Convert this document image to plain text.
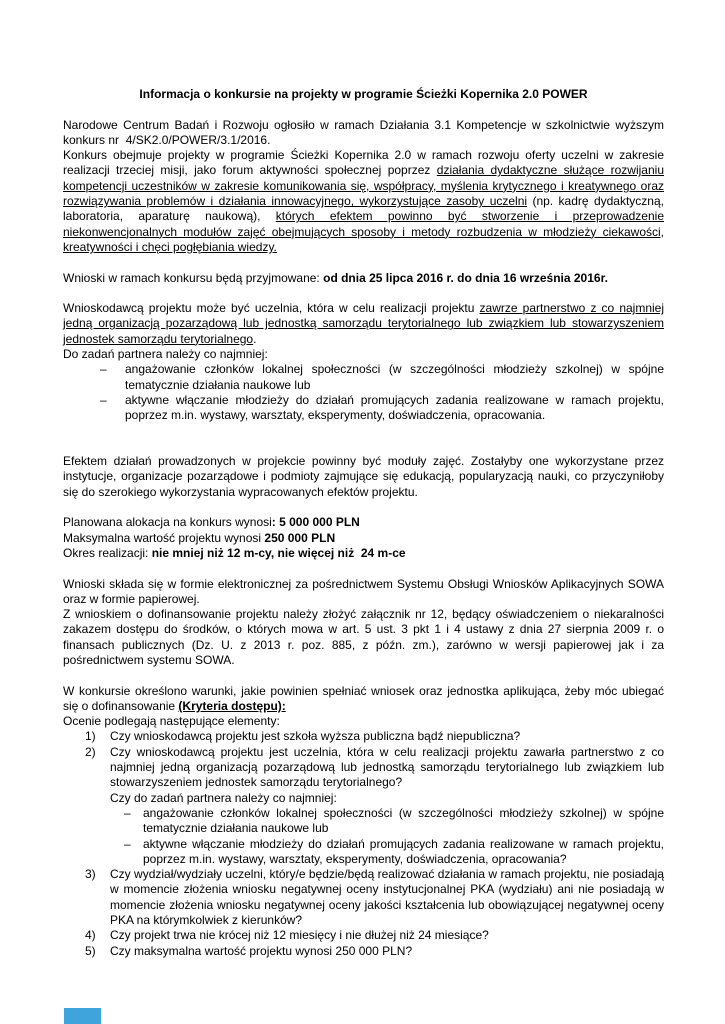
Informacja o konkursie na projekty w programie Ścieżki Kopernika 2.0 POWER
Narodowe Centrum Badań i Rozwoju ogłosiło w ramach Działania 3.1 Kompetencje w szkolnictwie wyższym konkurs nr  4/SK2.0/POWER/3.1/2016.
Konkurs obejmuje projekty w programie Ścieżki Kopernika 2.0 w ramach rozwoju oferty uczelni w zakresie realizacji trzeciej misji, jako forum aktywności społecznej poprzez działania dydaktyczne służące rozwijaniu kompetencji uczestników w zakresie komunikowania się, współpracy, myślenia krytycznego i kreatywnego oraz rozwiązywania problemów i działania innowacyjnego, wykorzystujące zasoby uczelni (np. kadrę dydaktyczną, laboratoria, aparaturę naukową), których efektem powinno być stworzenie i przeprowadzenie niekonwencjonalnych modułów zajęć obejmujących sposoby i metody rozbudzenia w młodzieży ciekawości, kreatywności i chęci pogłębiania wiedzy.
Wnioski w ramach konkursu będą przyjmowane: od dnia 25 lipca 2016 r. do dnia 16 września 2016r.
Wnioskodawcą projektu może być uczelnia, która w celu realizacji projektu zawrze partnerstwo z co najmniej jedną organizacją pozarządową lub jednostką samorządu terytorialnego lub związkiem lub stowarzyszeniem jednostek samorządu terytorialnego.
Do zadań partnera należy co najmniej:
– angażowanie członków lokalnej społeczności (w szczególności młodzieży szkolnej) w spójne tematycznie działania naukowe lub
– aktywne włączanie młodzieży do działań promujących zadania realizowane w ramach projektu, poprzez m.in. wystawy, warsztaty, eksperymenty, doświadczenia, opracowania.
Efektem działań prowadzonych w projekcie powinny być moduły zajęć. Zostałyby one wykorzystane przez instytucje, organizacje pozarządowe i podmioty zajmujące się edukacją, popularyzacją nauki, co przyczyniłoby się do szerokiego wykorzystania wypracowanych efektów projektu.
Planowana alokacja na konkurs wynosi: 5 000 000 PLN
Maksymalna wartość projektu wynosi 250 000 PLN
Okres realizacji: nie mniej niż 12 m-cy, nie więcej niż  24 m-ce
Wnioski składa się w formie elektronicznej za pośrednictwem Systemu Obsługi Wniosków Aplikacyjnych SOWA oraz w formie papierowej.
Z wnioskiem o dofinansowanie projektu należy złożyć załącznik nr 12, będący oświadczeniem o niekaralności zakazem dostępu do środków, o których mowa w art. 5 ust. 3 pkt 1 i 4 ustawy z dnia 27 sierpnia 2009 r. o finansach publicznych (Dz. U. z 2013 r. poz. 885, z późn. zm.), zarówno w wersji papierowej jak i za pośrednictwem systemu SOWA.
W konkursie określono warunki, jakie powinien spełniać wniosek oraz jednostka aplikująca, żeby móc ubiegać się o dofinansowanie (Kryteria dostępu):
Ocenie podlegają następujące elementy:
1) Czy wnioskodawcą projektu jest szkoła wyższa publiczna bądź niepubliczna?
2) Czy wnioskodawcą projektu jest uczelnia, która w celu realizacji projektu zawarła partnerstwo z co najmniej jedną organizacją pozarządową lub jednostką samorządu terytorialnego lub związkiem lub stowarzyszeniem jednostek samorządu terytorialnego?
Czy do zadań partnera należy co najmniej:
– angażowanie członków lokalnej społeczności (w szczególności młodzieży szkolnej) w spójne tematycznie działania naukowe lub
– aktywne włączanie młodzieży do działań promujących zadania realizowane w ramach projektu, poprzez m.in. wystawy, warsztaty, eksperymenty, doświadczenia, opracowania?
3) Czy wydział/wydziały uczelni, który/e będzie/będą realizować działania w ramach projektu, nie posiadają w momencie złożenia wniosku negatywnej oceny instytucjonalnej PKA (wydziału) ani nie posiadają w momencie złożenia wniosku negatywnej oceny jakości kształcenia lub obowiązującej negatywnej oceny PKA na którymkolwiek z kierunków?
4) Czy projekt trwa nie krócej niż 12 miesięcy i nie dłużej niż 24 miesiące?
5) Czy maksymalna wartość projektu wynosi 250 000 PLN?
